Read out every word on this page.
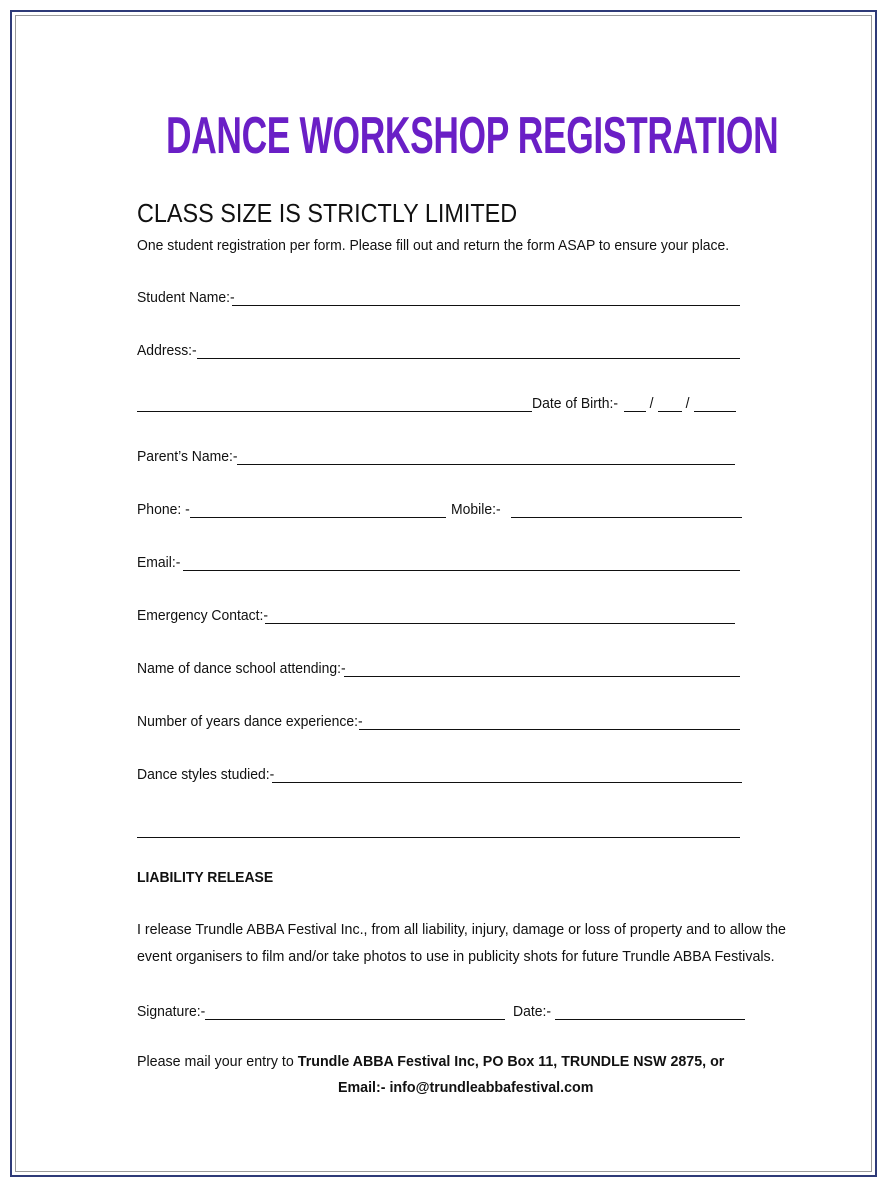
DANCE WORKSHOP REGISTRATION
CLASS SIZE IS STRICTLY LIMITED
One student registration per form. Please fill out and return the form ASAP to ensure your place.
Student Name:-
Address:-
Date of Birth:- / /
Parent’s Name:-
Phone: -	Mobile:-
Email:-
Emergency Contact:-
Name of dance school attending:-
Number of years dance experience:-
Dance styles studied:-
LIABILITY RELEASE
I release Trundle ABBA Festival Inc., from all liability, injury, damage or loss of property and to allow the
event organisers to film and/or take photos to use in publicity shots for future Trundle ABBA Festivals.
Signature:-	Date:-
Please mail your entry to Trundle ABBA Festival Inc, PO Box 11, TRUNDLE NSW 2875, or
Email:- info@trundleabbafestival.com
